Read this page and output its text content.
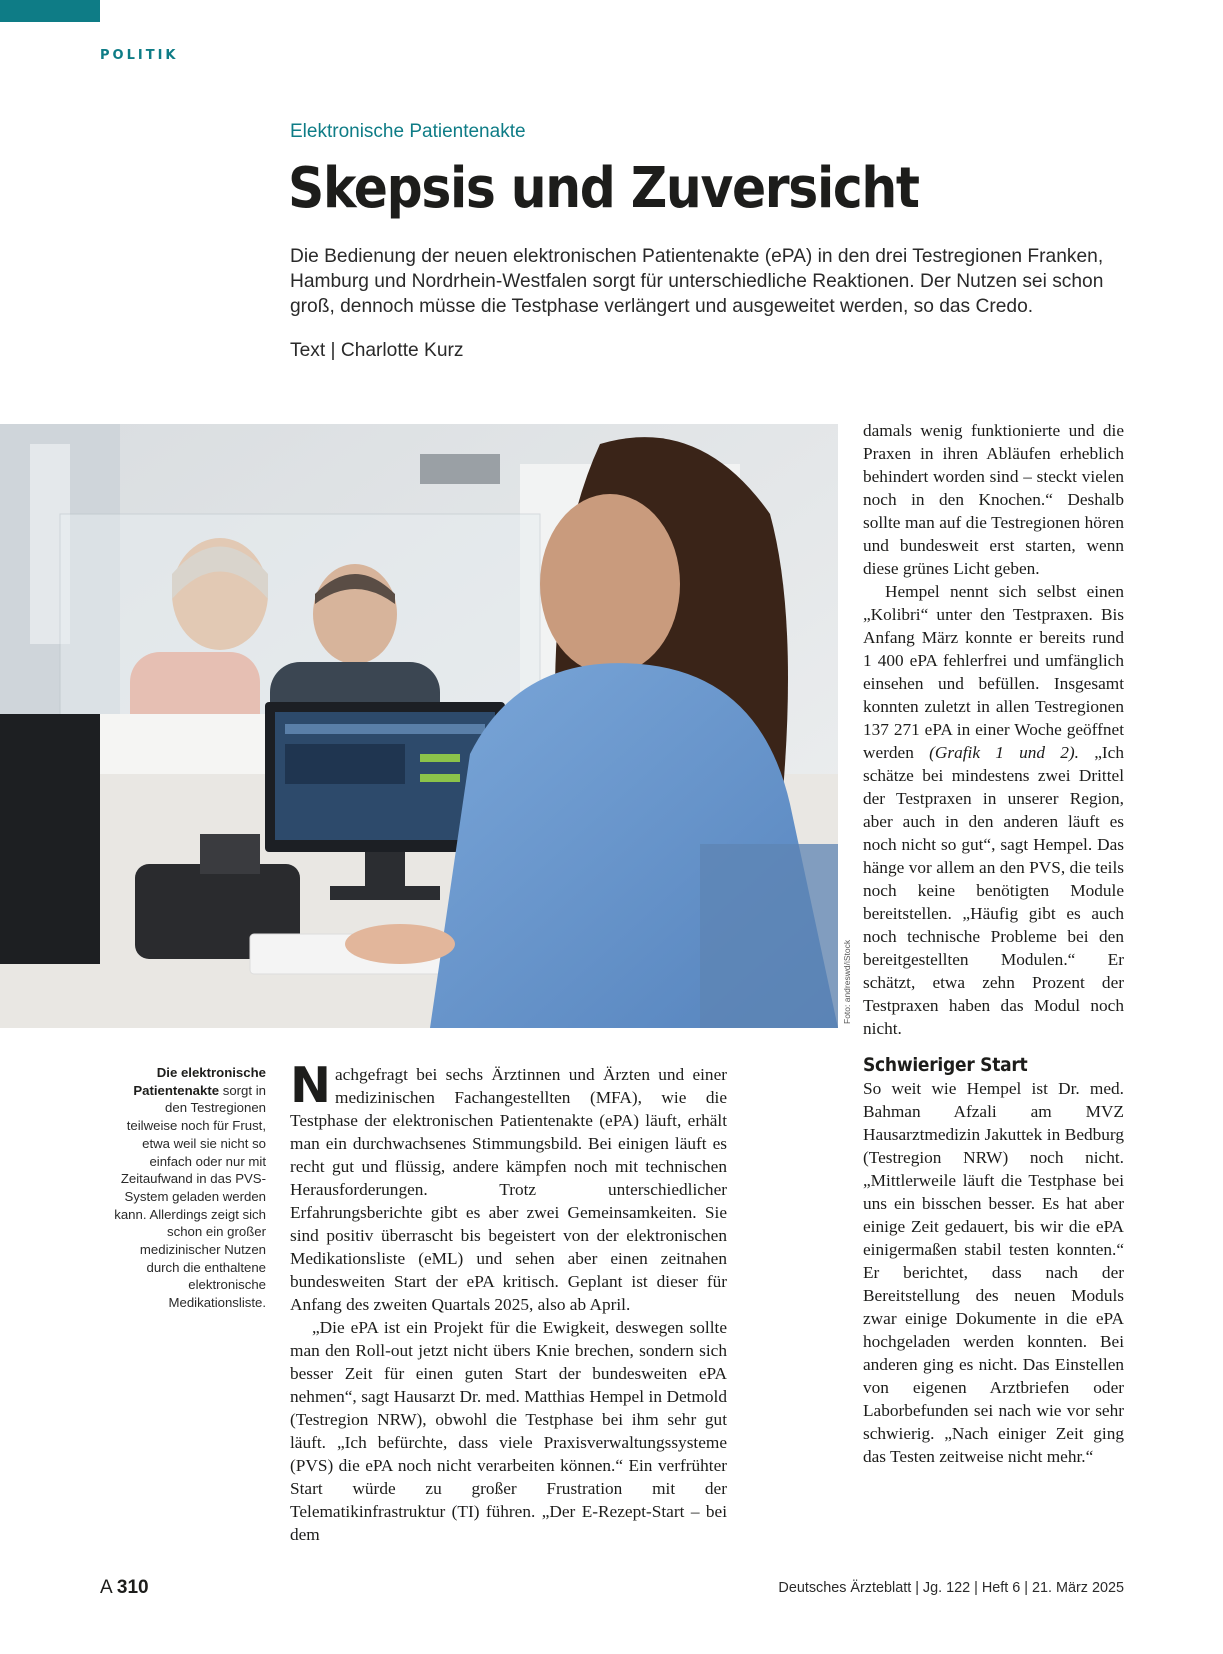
POLITIK
Elektronische Patientenakte
Skepsis und Zuversicht

Die Bedienung der neuen elektronischen Patientenakte (ePA) in den drei Testregionen Franken, Hamburg und Nordrhein-Westfalen sorgt für unterschiedliche Reaktionen. Der Nutzen sei schon groß, dennoch müsse die Testphase verlängert und ausgeweitet werden, so das Credo.

Text | Charlotte Kurz
Foto: andreswd/iStock
Die elektronische Patientenakte sorgt in den Testregionen teilweise noch für Frust, etwa weil sie nicht so einfach oder nur mit Zeitaufwand in das PVS-System geladen werden kann. Allerdings zeigt sich schon ein großer medizinischer Nutzen durch die enthaltene elektronische Medikationsliste.

Nachgefragt bei sechs Ärztinnen und Ärzten und einer medizinischen Fachangestellten (MFA), wie die Testphase der elektronischen Patientenakte (ePA) läuft, erhält man ein durchwachsenes Stimmungsbild. Bei einigen läuft es recht gut und flüssig, andere kämpfen noch mit technischen Herausforderungen. Trotz unterschiedlicher Erfahrungsberichte gibt es aber zwei Gemeinsamkeiten. Sie sind positiv überrascht bis begeistert von der elektronischen Medikationsliste (eML) und sehen aber einen zeitnahen bundesweiten Start der ePA kritisch. Geplant ist dieser für Anfang des zweiten Quartals 2025, also ab April.

„Die ePA ist ein Projekt für die Ewigkeit, deswegen sollte man den Roll-out jetzt nicht übers Knie brechen, sondern sich besser Zeit für einen guten Start der bundesweiten ePA nehmen“, sagt Hausarzt Dr. med. Matthias Hempel in Detmold (Testregion NRW), obwohl die Testphase bei ihm sehr gut läuft. „Ich befürchte, dass viele Praxisverwaltungssysteme (PVS) die ePA noch nicht verarbeiten können.“ Ein verfrühter Start würde zu großer Frustration mit der Telematikinfrastruktur (TI) führen. „Der E-Rezept-Start – bei dem

damals wenig funktionierte und die Praxen in ihren Abläufen erheblich behindert worden sind – steckt vielen noch in den Knochen.“ Deshalb sollte man auf die Testregionen hören und bundesweit erst starten, wenn diese grünes Licht geben.

Hempel nennt sich selbst einen „Kolibri“ unter den Testpraxen. Bis Anfang März konnte er bereits rund 1 400 ePA fehlerfrei und umfänglich einsehen und befüllen. Insgesamt konnten zuletzt in allen Testregionen 137 271 ePA in einer Woche geöffnet werden (Grafik 1 und 2). „Ich schätze bei mindestens zwei Drittel der Testpraxen in unserer Region, aber auch in den anderen läuft es noch nicht so gut“, sagt Hempel. Das hänge vor allem an den PVS, die teils noch keine benötigten Module bereitstellen. „Häufig gibt es auch noch technische Probleme bei den bereitgestellten Modulen.“ Er schätzt, etwa zehn Prozent der Testpraxen haben das Modul noch nicht.

Schwieriger Start

So weit wie Hempel ist Dr. med. Bahman Afzali am MVZ Hausarztmedizin Jakuttek in Bedburg (Testregion NRW) noch nicht. „Mittlerweile läuft die Testphase bei uns ein bisschen besser. Es hat aber einige Zeit gedauert, bis wir die ePA einigermaßen stabil testen konnten.“ Er berichtet, dass nach der Bereitstellung des neuen Moduls zwar einige Dokumente in die ePA hochgeladen werden konnten. Bei anderen ging es nicht. Das Einstellen von eigenen Arztbriefen oder Laborbefunden sei nach wie vor sehr schwierig. „Nach einiger Zeit ging das Testen zeitweise nicht mehr.“

A 310	Deutsches Ärzteblatt | Jg. 122 | Heft 6 | 21. März 2025
